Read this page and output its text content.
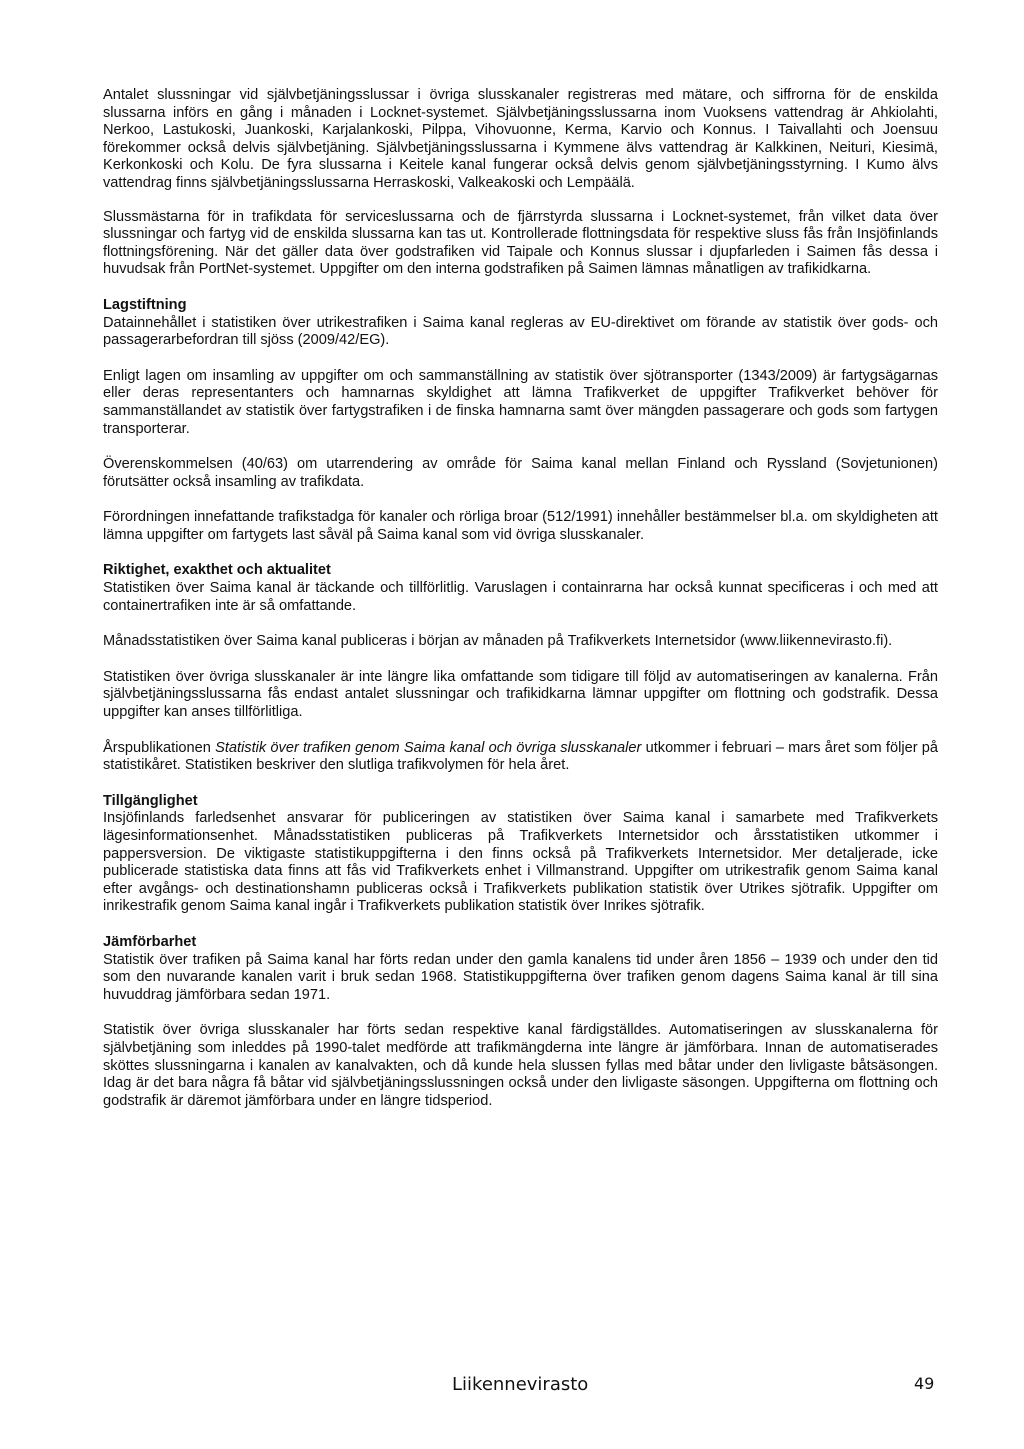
Antalet slussningar vid självbetjäningsslussar i övriga slusskanaler registreras med mätare, och siffrorna för de enskilda slussarna införs en gång i månaden i Locknet-systemet. Självbetjäningsslussarna inom Vuoksens vattendrag är Ahkiolahti, Nerkoo, Lastukoski, Juankoski, Karjalankoski, Pilppa, Vihovuonne, Kerma, Karvio och Konnus. I Taivallahti och Joensuu förekommer också delvis självbetjäning. Självbetjäningsslussarna i Kymmene älvs vattendrag är Kalkkinen, Neituri, Kiesimä, Kerkonkoski och Kolu. De fyra slussarna i Keitele kanal fungerar också delvis genom självbetjäningsstyrning. I Kumo älvs vattendrag finns självbetjäningsslussarna Herraskoski, Valkeakoski och Lempäälä.

Slussmästarna för in trafikdata för serviceslussarna och de fjärrstyrda slussarna i Locknet-systemet, från vilket data över slussningar och fartyg vid de enskilda slussarna kan tas ut. Kontrollerade flottningsdata för respektive sluss fås från Insjöfinlands flottningsförening. När det gäller data över godstrafiken vid Taipale och Konnus slussar i djupfarleden i Saimen fås dessa i huvudsak från PortNet-systemet. Uppgifter om den interna godstrafiken på Saimen lämnas månatligen av trafikidkarna.

Lagstiftning

Datainnehållet i statistiken över utrikestrafiken i Saima kanal regleras av EU-direktivet om förande av statistik över gods- och passagerarbefordran till sjöss (2009/42/EG).

Enligt lagen om insamling av uppgifter om och sammanställning av statistik över sjötransporter (1343/2009) är fartygsägarnas eller deras representanters och hamnarnas skyldighet att lämna Trafikverket de uppgifter Trafikverket behöver för sammanställandet av statistik över fartygstrafiken i de finska hamnarna samt över mängden passagerare och gods som fartygen transporterar.

Överenskommelsen (40/63) om utarrendering av område för Saima kanal mellan Finland och Ryssland (Sovjetunionen) förutsätter också insamling av trafikdata.

Förordningen innefattande trafikstadga för kanaler och rörliga broar (512/1991) innehåller bestämmelser bl.a. om skyldigheten att lämna uppgifter om fartygets last såväl på Saima kanal som vid övriga slusskanaler.

Riktighet, exakthet och aktualitet

Statistiken över Saima kanal är täckande och tillförlitlig. Varuslagen i containrarna har också kunnat specificeras i och med att containertrafiken inte är så omfattande.

Månadsstatistiken över Saima kanal publiceras i början av månaden på Trafikverkets Internetsidor (www.liikennevirasto.fi).

Statistiken över övriga slusskanaler är inte längre lika omfattande som tidigare till följd av automatiseringen av kanalerna. Från självbetjäningsslussarna fås endast antalet slussningar och trafikidkarna lämnar uppgifter om flottning och godstrafik. Dessa uppgifter kan anses tillförlitliga.

Årspublikationen Statistik över trafiken genom Saima kanal och övriga slusskanaler utkommer i februari – mars året som följer på statistikåret. Statistiken beskriver den slutliga trafikvolymen för hela året.

Tillgänglighet

Insjöfinlands farledsenhet ansvarar för publiceringen av statistiken över Saima kanal i samarbete med Trafikverkets lägesinformationsenhet. Månadsstatistiken publiceras på Trafikverkets Internetsidor och årsstatistiken utkommer i pappersversion. De viktigaste statistikuppgifterna i den finns också på Trafikverkets Internetsidor. Mer detaljerade, icke publicerade statistiska data finns att fås vid Trafikverkets enhet i Villmanstrand. Uppgifter om utrikestrafik genom Saima kanal efter avgångs- och destinationshamn publiceras också i Trafikverkets publikation statistik över Utrikes sjötrafik. Uppgifter om inrikestrafik genom Saima kanal ingår i Trafikverkets publikation statistik över Inrikes sjötrafik.

Jämförbarhet

Statistik över trafiken på Saima kanal har förts redan under den gamla kanalens tid under åren 1856 – 1939 och under den tid som den nuvarande kanalen varit i bruk sedan 1968. Statistikuppgifterna över trafiken genom dagens Saima kanal är till sina huvuddrag jämförbara sedan 1971.

Statistik över övriga slusskanaler har förts sedan respektive kanal färdigställdes. Automatiseringen av slusskanalerna för självbetjäning som inleddes på 1990-talet medförde att trafikmängderna inte längre är jämförbara. Innan de automatiserades sköttes slussningarna i kanalen av kanalvakten, och då kunde hela slussen fyllas med båtar under den livligaste båtsäsongen. Idag är det bara några få båtar vid självbetjäningsslussningen också under den livligaste säsongen. Uppgifterna om flottning och godstrafik är däremot jämförbara under en längre tidsperiod.

Liikennevirasto	49
